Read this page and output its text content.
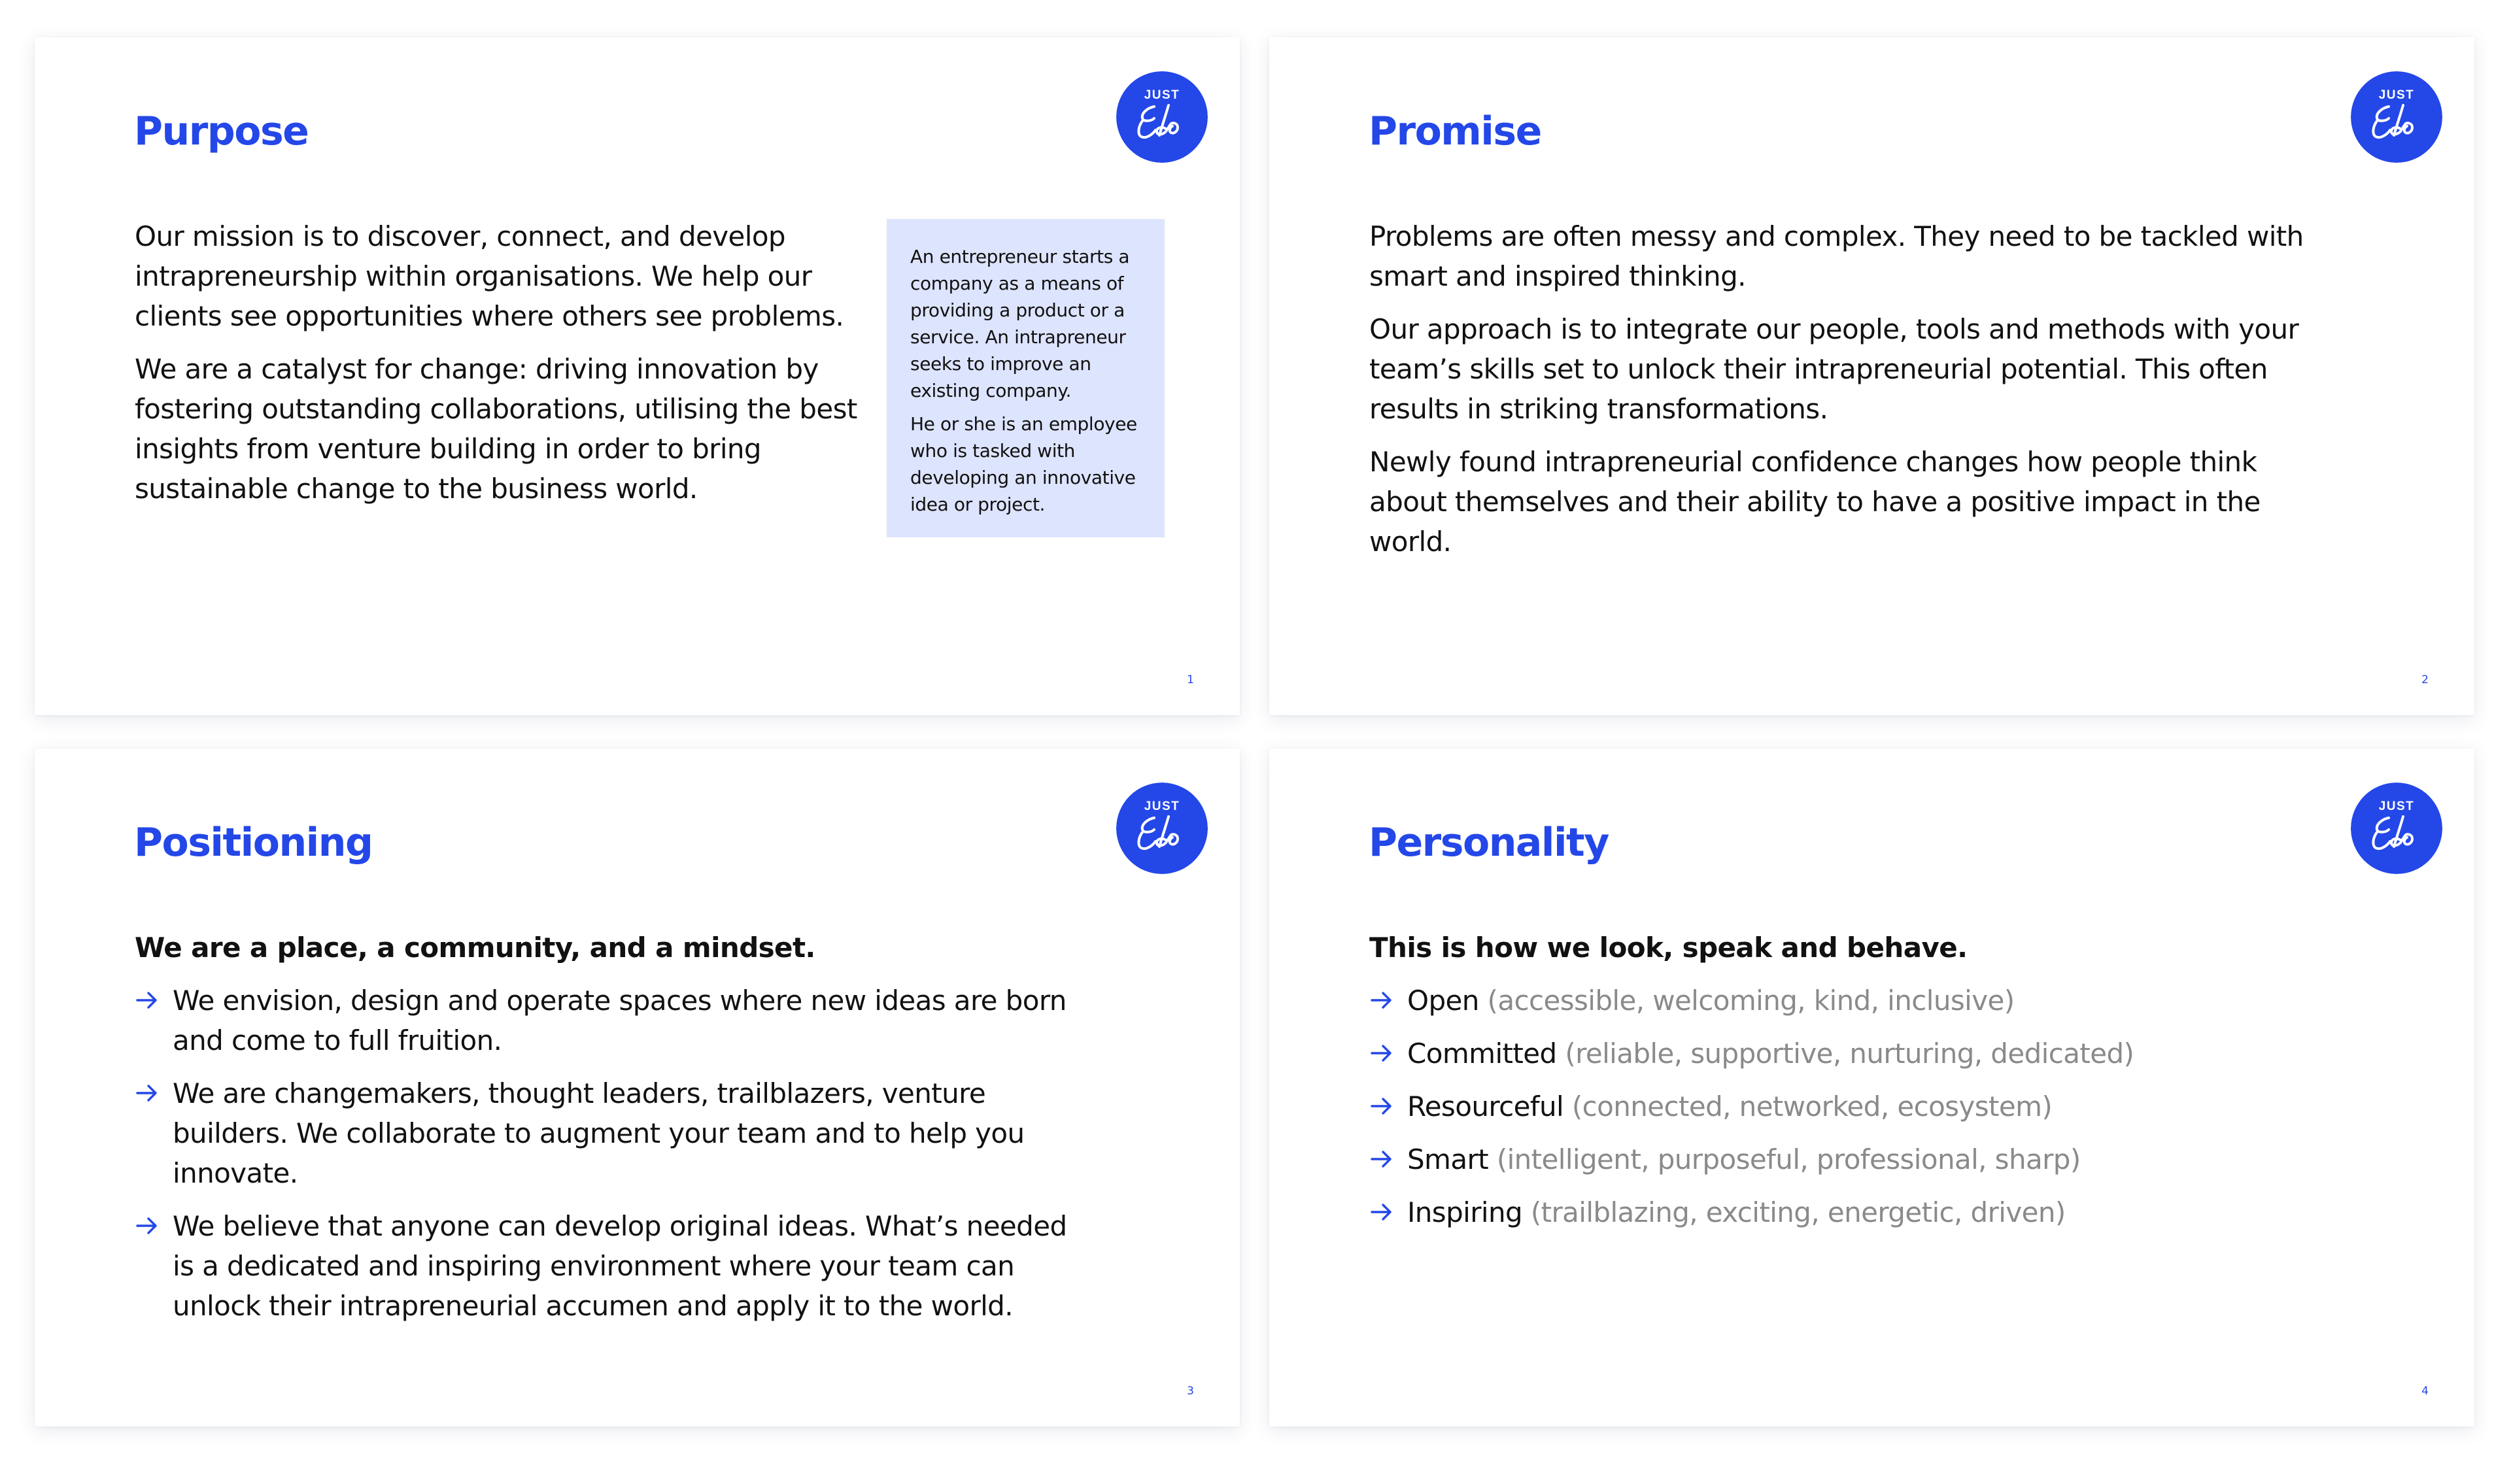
Purpose
JUST

Our mission is to discover, connect, and develop
intrapreneurship within organisations. We help our
clients see opportunities where others see problems.

We are a catalyst for change: driving innovation by
fostering outstanding collaborations, utilising the best
insights from venture building in order to bring
sustainable change to the business world.

An entrepreneur starts a
company as a means of
providing a product or a
service. An intrapreneur
seeks to improve an
existing company.

He or she is an employee
who is tasked with
developing an innovative
idea or project.

1
Promise
JUST

Problems are often messy and complex. They need to be tackled with
smart and inspired thinking.

Our approach is to integrate our people, tools and methods with your
team’s skills set to unlock their intrapreneurial potential. This often
results in striking transformations.

Newly found intrapreneurial confidence changes how people think
about themselves and their ability to have a positive impact in the
world.

2
Positioning
JUST
We are a place, a community, and a mindset.
We envision, design and operate spaces where new ideas are born
and come to full fruition.
We are changemakers, thought leaders, trailblazers, venture
builders. We collaborate to augment your team and to help you
innovate.
We believe that anyone can develop original ideas. What’s needed
is a dedicated and inspiring environment where your team can
unlock their intrapreneurial accumen and apply it to the world.
3
Personality
JUST
This is how we look, speak and behave.
Open (accessible, welcoming, kind, inclusive)
Committed (reliable, supportive, nurturing, dedicated)
Resourceful (connected, networked, ecosystem)
Smart (intelligent, purposeful, professional, sharp)
Inspiring (trailblazing, exciting, energetic, driven)
4
